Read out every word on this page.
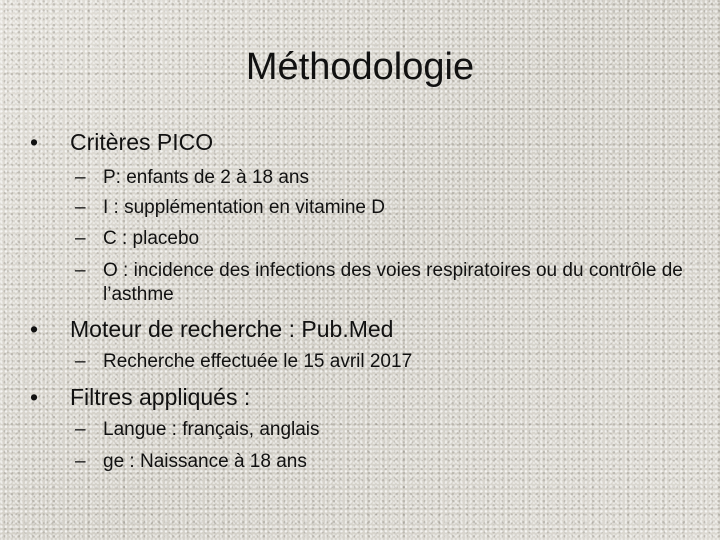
Méthodologie
• Critères PICO
– P: enfants de 2 à 18 ans
– I : supplémentation en vitamine D
– C : placebo
– O : incidence des infections des voies respiratoires ou du contrôle de l’asthme
• Moteur de recherche : Pub.Med
– Recherche effectuée le 15 avril 2017
• Filtres appliqués :
– Langue : français, anglais
– ge : Naissance à 18 ans
